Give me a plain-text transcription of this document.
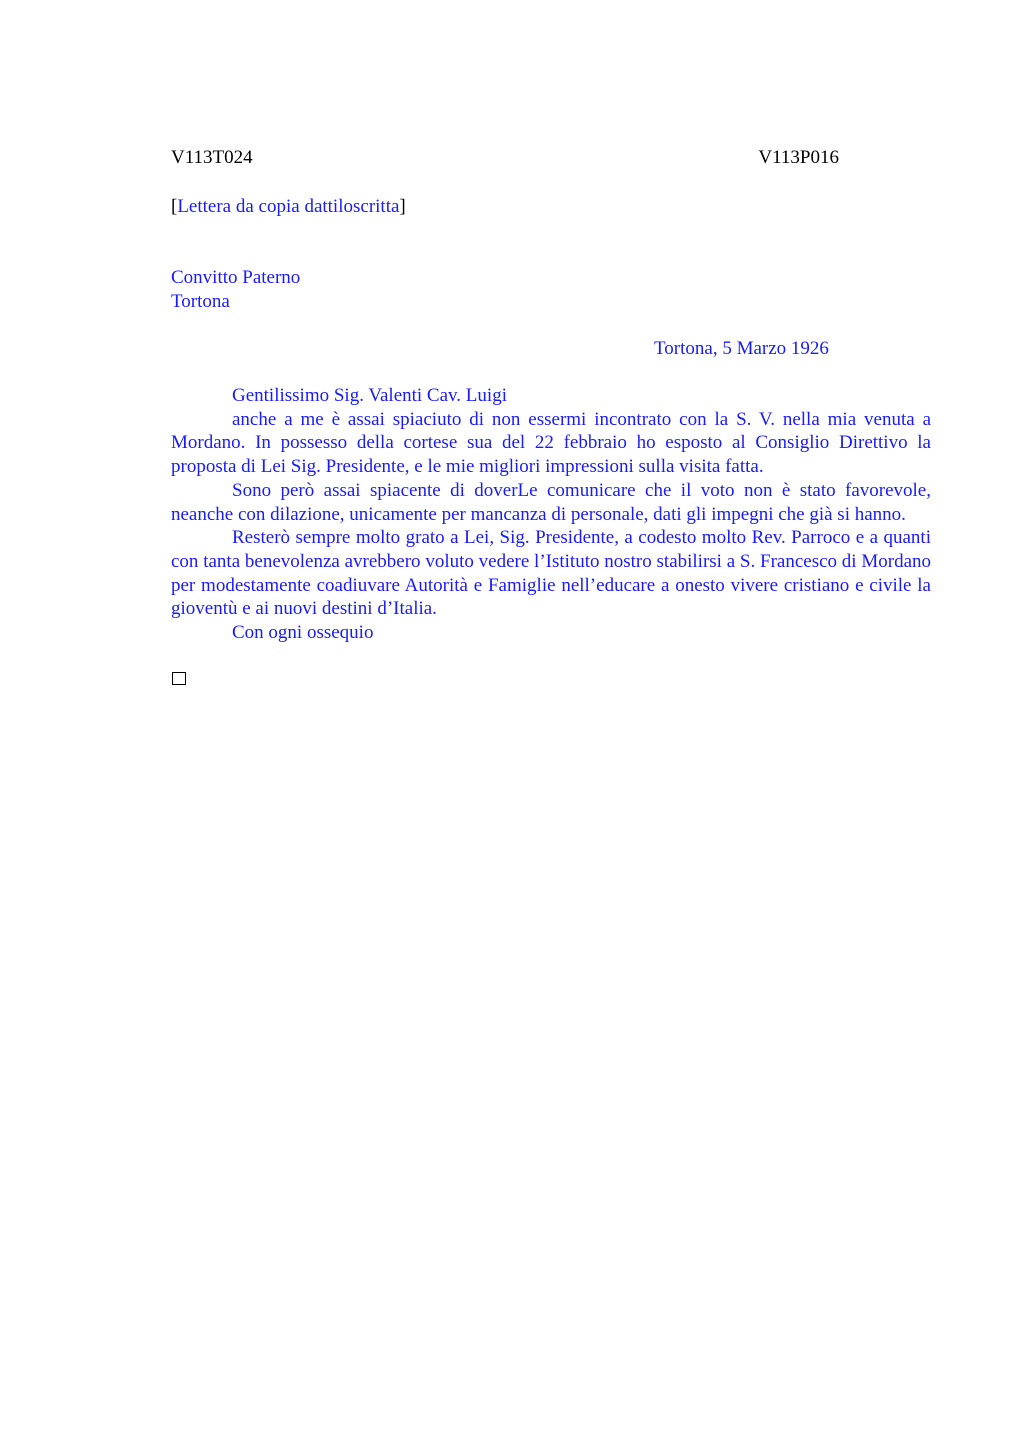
V113T024	V113P016
[Lettera da copia dattiloscritta]
Convitto Paterno
Tortona
Tortona, 5 Marzo 1926

Gentilissimo Sig. Valenti Cav. Luigi

anche a me è assai spiaciuto di non essermi incontrato con la S. V. nella mia venuta a Mordano. In possesso della cortese sua del 22 febbraio ho esposto al Consiglio Direttivo la proposta di Lei Sig. Presidente, e le mie migliori impressioni sulla visita fatta.

Sono però assai spiacente di doverLe comunicare che il voto non è stato favorevole, neanche con dilazione, unicamente per mancanza di personale, dati gli impegni che già si hanno.

Resterò sempre molto grato a Lei, Sig. Presidente, a codesto molto Rev. Parroco e a quanti con tanta benevolenza avrebbero voluto vedere l’Istituto nostro stabilirsi a S. Francesco di Mordano per modestamente coadiuvare Autorità e Famiglie nell’educare a onesto vivere cristiano e civile la gioventù e ai nuovi destini d’Italia.

Con ogni ossequio
